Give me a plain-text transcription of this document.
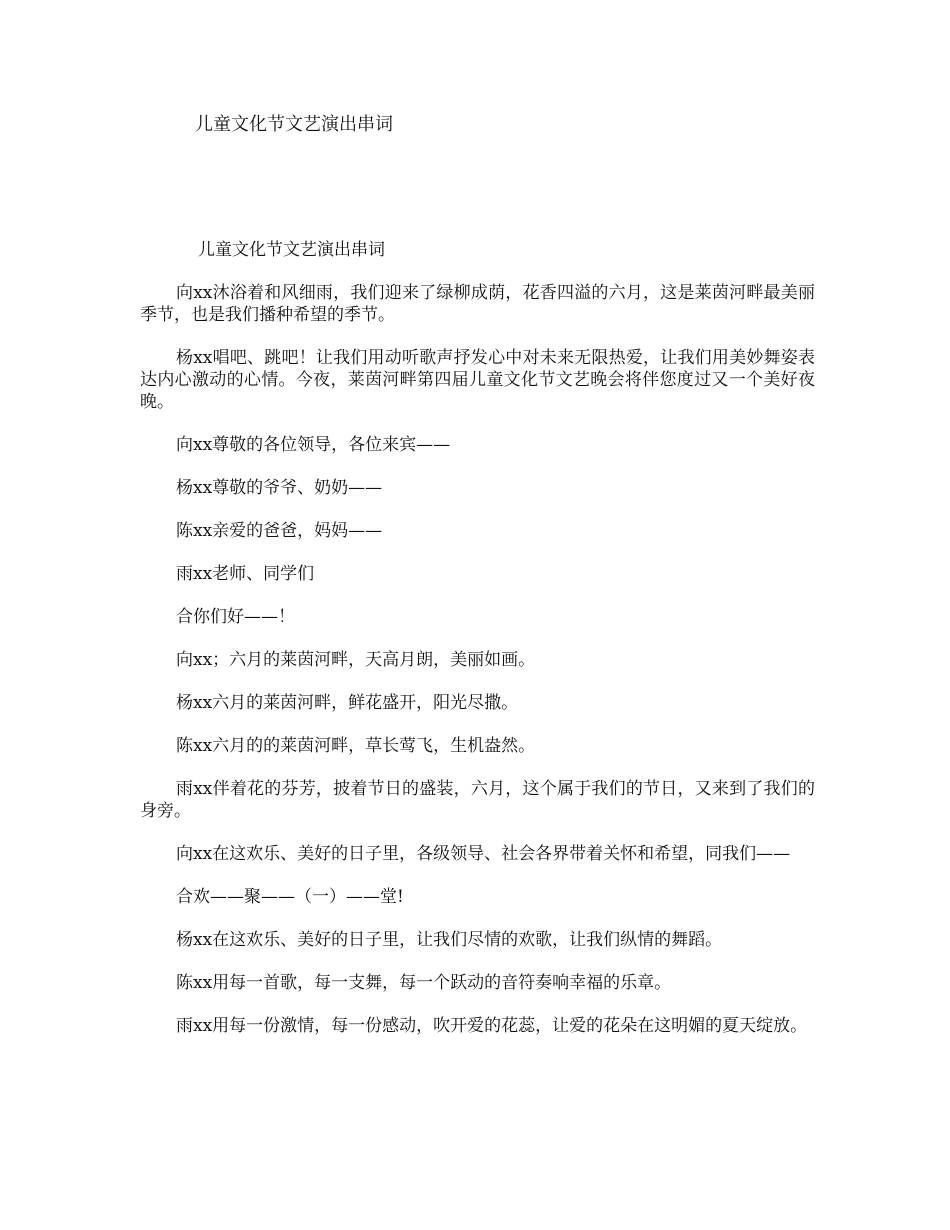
儿童文化节文艺演出串词
儿童文化节文艺演出串词

向xx沐浴着和风细雨，我们迎来了绿柳成荫，花香四溢的六月，这是莱茵河畔最美丽季节，也是我们播种希望的季节。

杨xx唱吧、跳吧！让我们用动听歌声抒发心中对未来无限热爱，让我们用美妙舞姿表达内心激动的心情。今夜，莱茵河畔第四届儿童文化节文艺晚会将伴您度过又一个美好夜晚。

向xx尊敬的各位领导，各位来宾——

杨xx尊敬的爷爷、奶奶——

陈xx亲爱的爸爸，妈妈——

雨xx老师、同学们

合你们好——！

向xx；六月的莱茵河畔，天高月朗，美丽如画。

杨xx六月的莱茵河畔，鲜花盛开，阳光尽撒。

陈xx六月的的莱茵河畔，草长莺飞，生机盎然。

雨xx伴着花的芬芳，披着节日的盛装，六月，这个属于我们的节日，又来到了我们的身旁。

向xx在这欢乐、美好的日子里，各级领导、社会各界带着关怀和希望，同我们——

合欢——聚——（一）——堂!

杨xx在这欢乐、美好的日子里，让我们尽情的欢歌，让我们纵情的舞蹈。

陈xx用每一首歌，每一支舞，每一个跃动的音符奏响幸福的乐章。

雨xx用每一份激情，每一份感动，吹开爱的花蕊，让爱的花朵在这明媚的夏天绽放。
